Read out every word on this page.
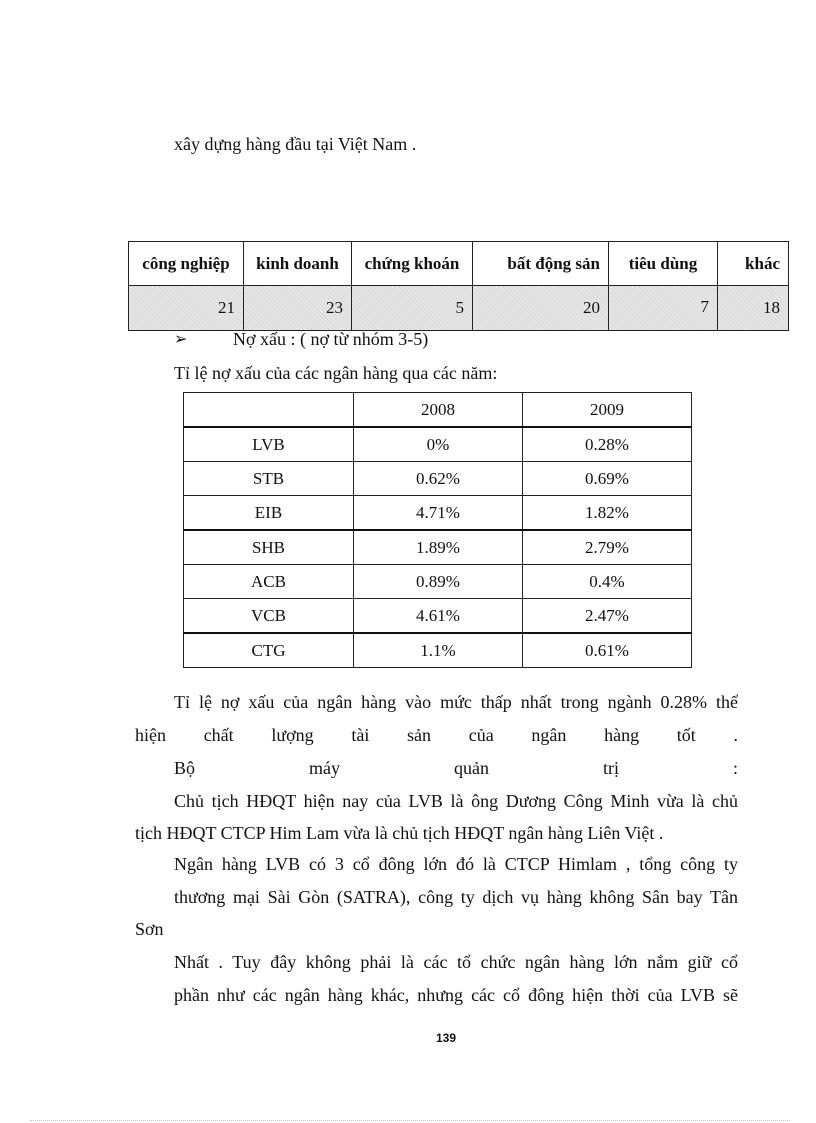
xây dựng hàng đầu tại Việt Nam .
công nghiệp	kinh doanh	chứng khoán	bất động sản	tiêu dùng	khác
21	23	5	20	7	18
➢	Nợ xấu : ( nợ từ nhóm 3-5)
Tỉ lệ nợ xấu của các ngân hàng qua các năm:
	2008	2009
LVB	0%	0.28%
STB	0.62%	0.69%
EIB	4.71%	1.82%
SHB	1.89%	2.79%
ACB	0.89%	0.4%
VCB	4.61%	2.47%
CTG	1.1%	0.61%
Tỉ lệ nợ xấu của ngân hàng vào mức thấp nhất trong ngành 0.28% thể
hiện chất lượng tài sản của ngân hàng tốt .
Bộ máy quản trị :
Chủ tịch HĐQT hiện nay của LVB là ông Dương Công Minh vừa là chủ
tịch HĐQT CTCP Him Lam vừa là chủ tịch HĐQT ngân hàng Liên Việt .
Ngân hàng LVB có 3 cổ đông lớn đó là CTCP Himlam , tổng công ty
thương mại Sài Gòn (SATRA), công ty dịch vụ hàng không Sân bay Tân
Sơn
Nhất . Tuy đây không phải là các tổ chức ngân hàng lớn nắm giữ cổ
phần như các ngân hàng khác, nhưng các cổ đông hiện thời của LVB sẽ
139
